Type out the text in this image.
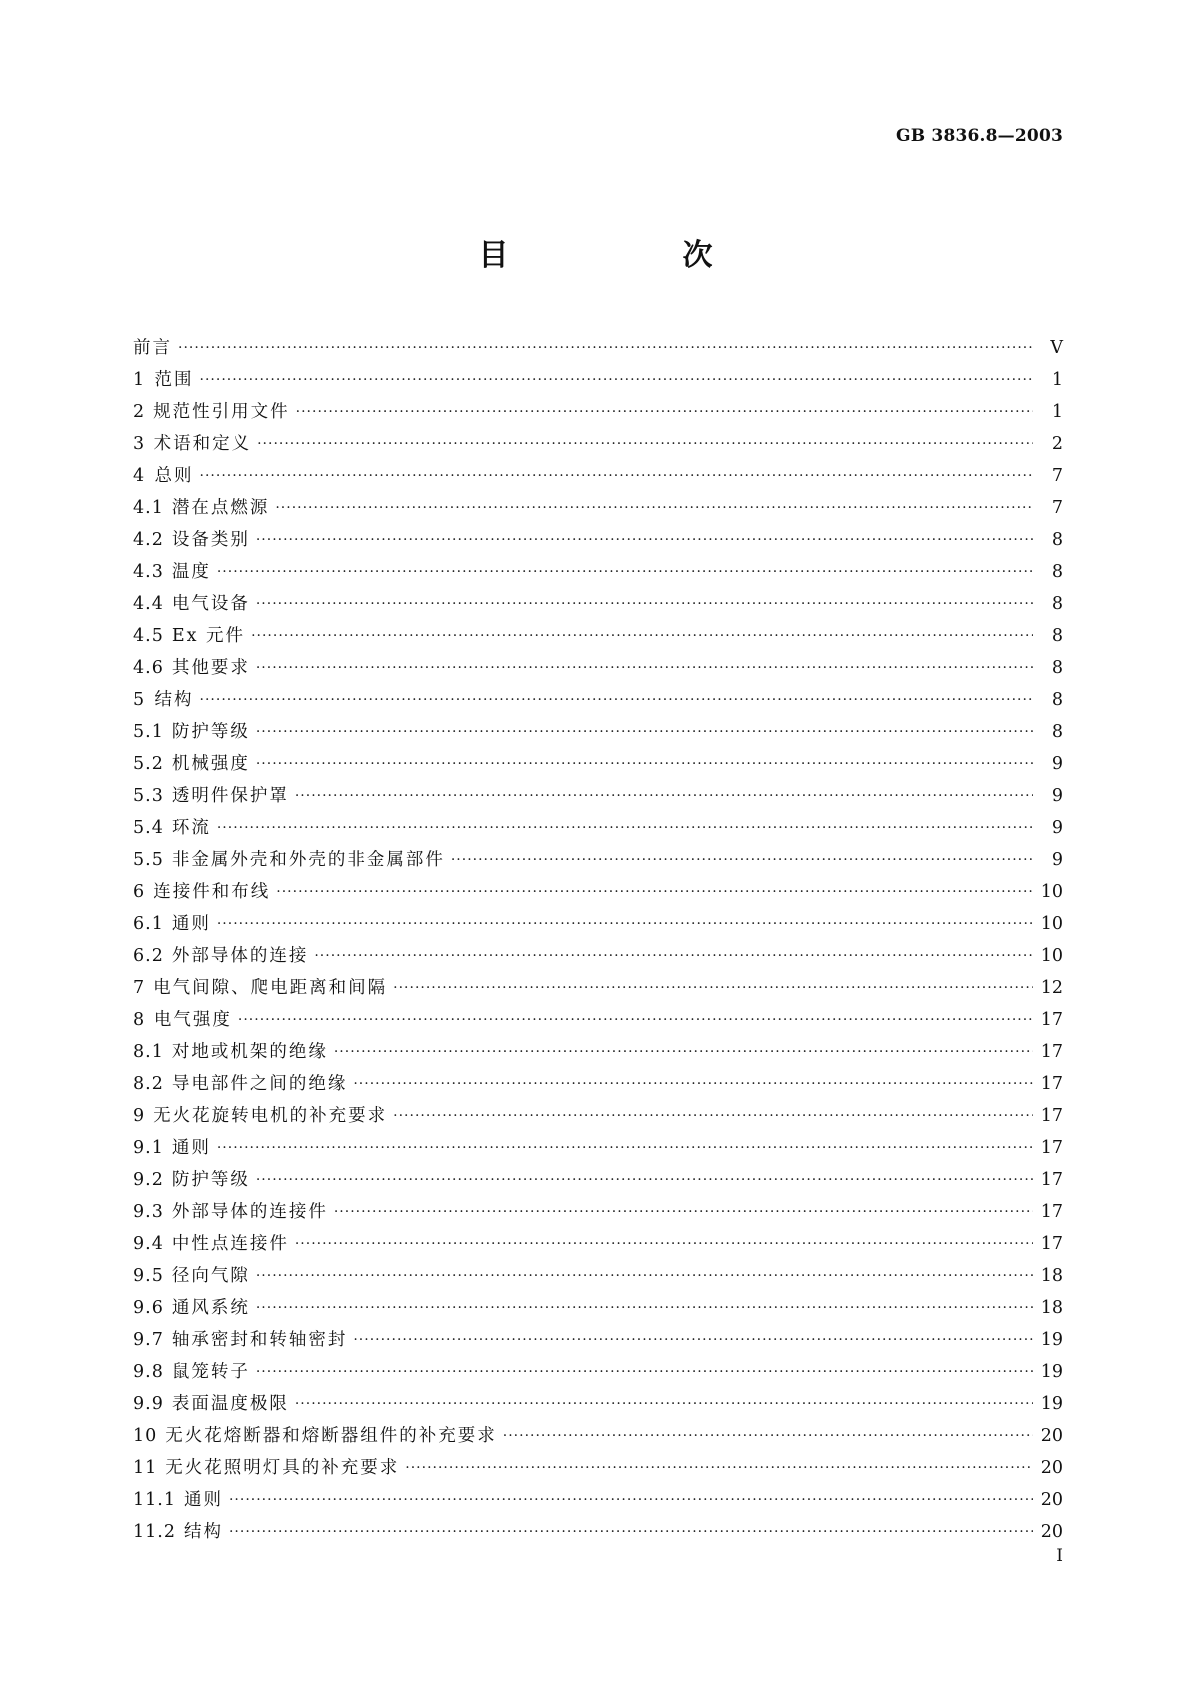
GB 3836.8—2003
目　次
前言 ·····	V
1 范围 ·····	1
2 规范性引用文件 ·····	1
3 术语和定义 ·····	2
4 总则 ·····	7
4.1 潜在点燃源 ·····	7
4.2 设备类别 ·····	8
4.3 温度 ·····	8
4.4 电气设备 ·····	8
4.5 Ex 元件 ·····	8
4.6 其他要求 ·····	8
5 结构 ·····	8
5.1 防护等级 ·····	8
5.2 机械强度 ·····	9
5.3 透明件保护罩 ·····	9
5.4 环流 ·····	9
5.5 非金属外壳和外壳的非金属部件 ·····	9
6 连接件和布线 ·····	10
6.1 通则 ·····	10
6.2 外部导体的连接 ·····	10
7 电气间隙、爬电距离和间隔 ·····	12
8 电气强度 ·····	17
8.1 对地或机架的绝缘 ·····	17
8.2 导电部件之间的绝缘 ·····	17
9 无火花旋转电机的补充要求 ·····	17
9.1 通则 ·····	17
9.2 防护等级 ·····	17
9.3 外部导体的连接件 ·····	17
9.4 中性点连接件 ·····	17
9.5 径向气隙 ·····	18
9.6 通风系统 ·····	18
9.7 轴承密封和转轴密封 ·····	19
9.8 鼠笼转子 ·····	19
9.9 表面温度极限 ·····	19
10 无火花熔断器和熔断器组件的补充要求 ·····	20
11 无火花照明灯具的补充要求 ·····	20
11.1 通则 ·····	20
11.2 结构 ·····	20
I
